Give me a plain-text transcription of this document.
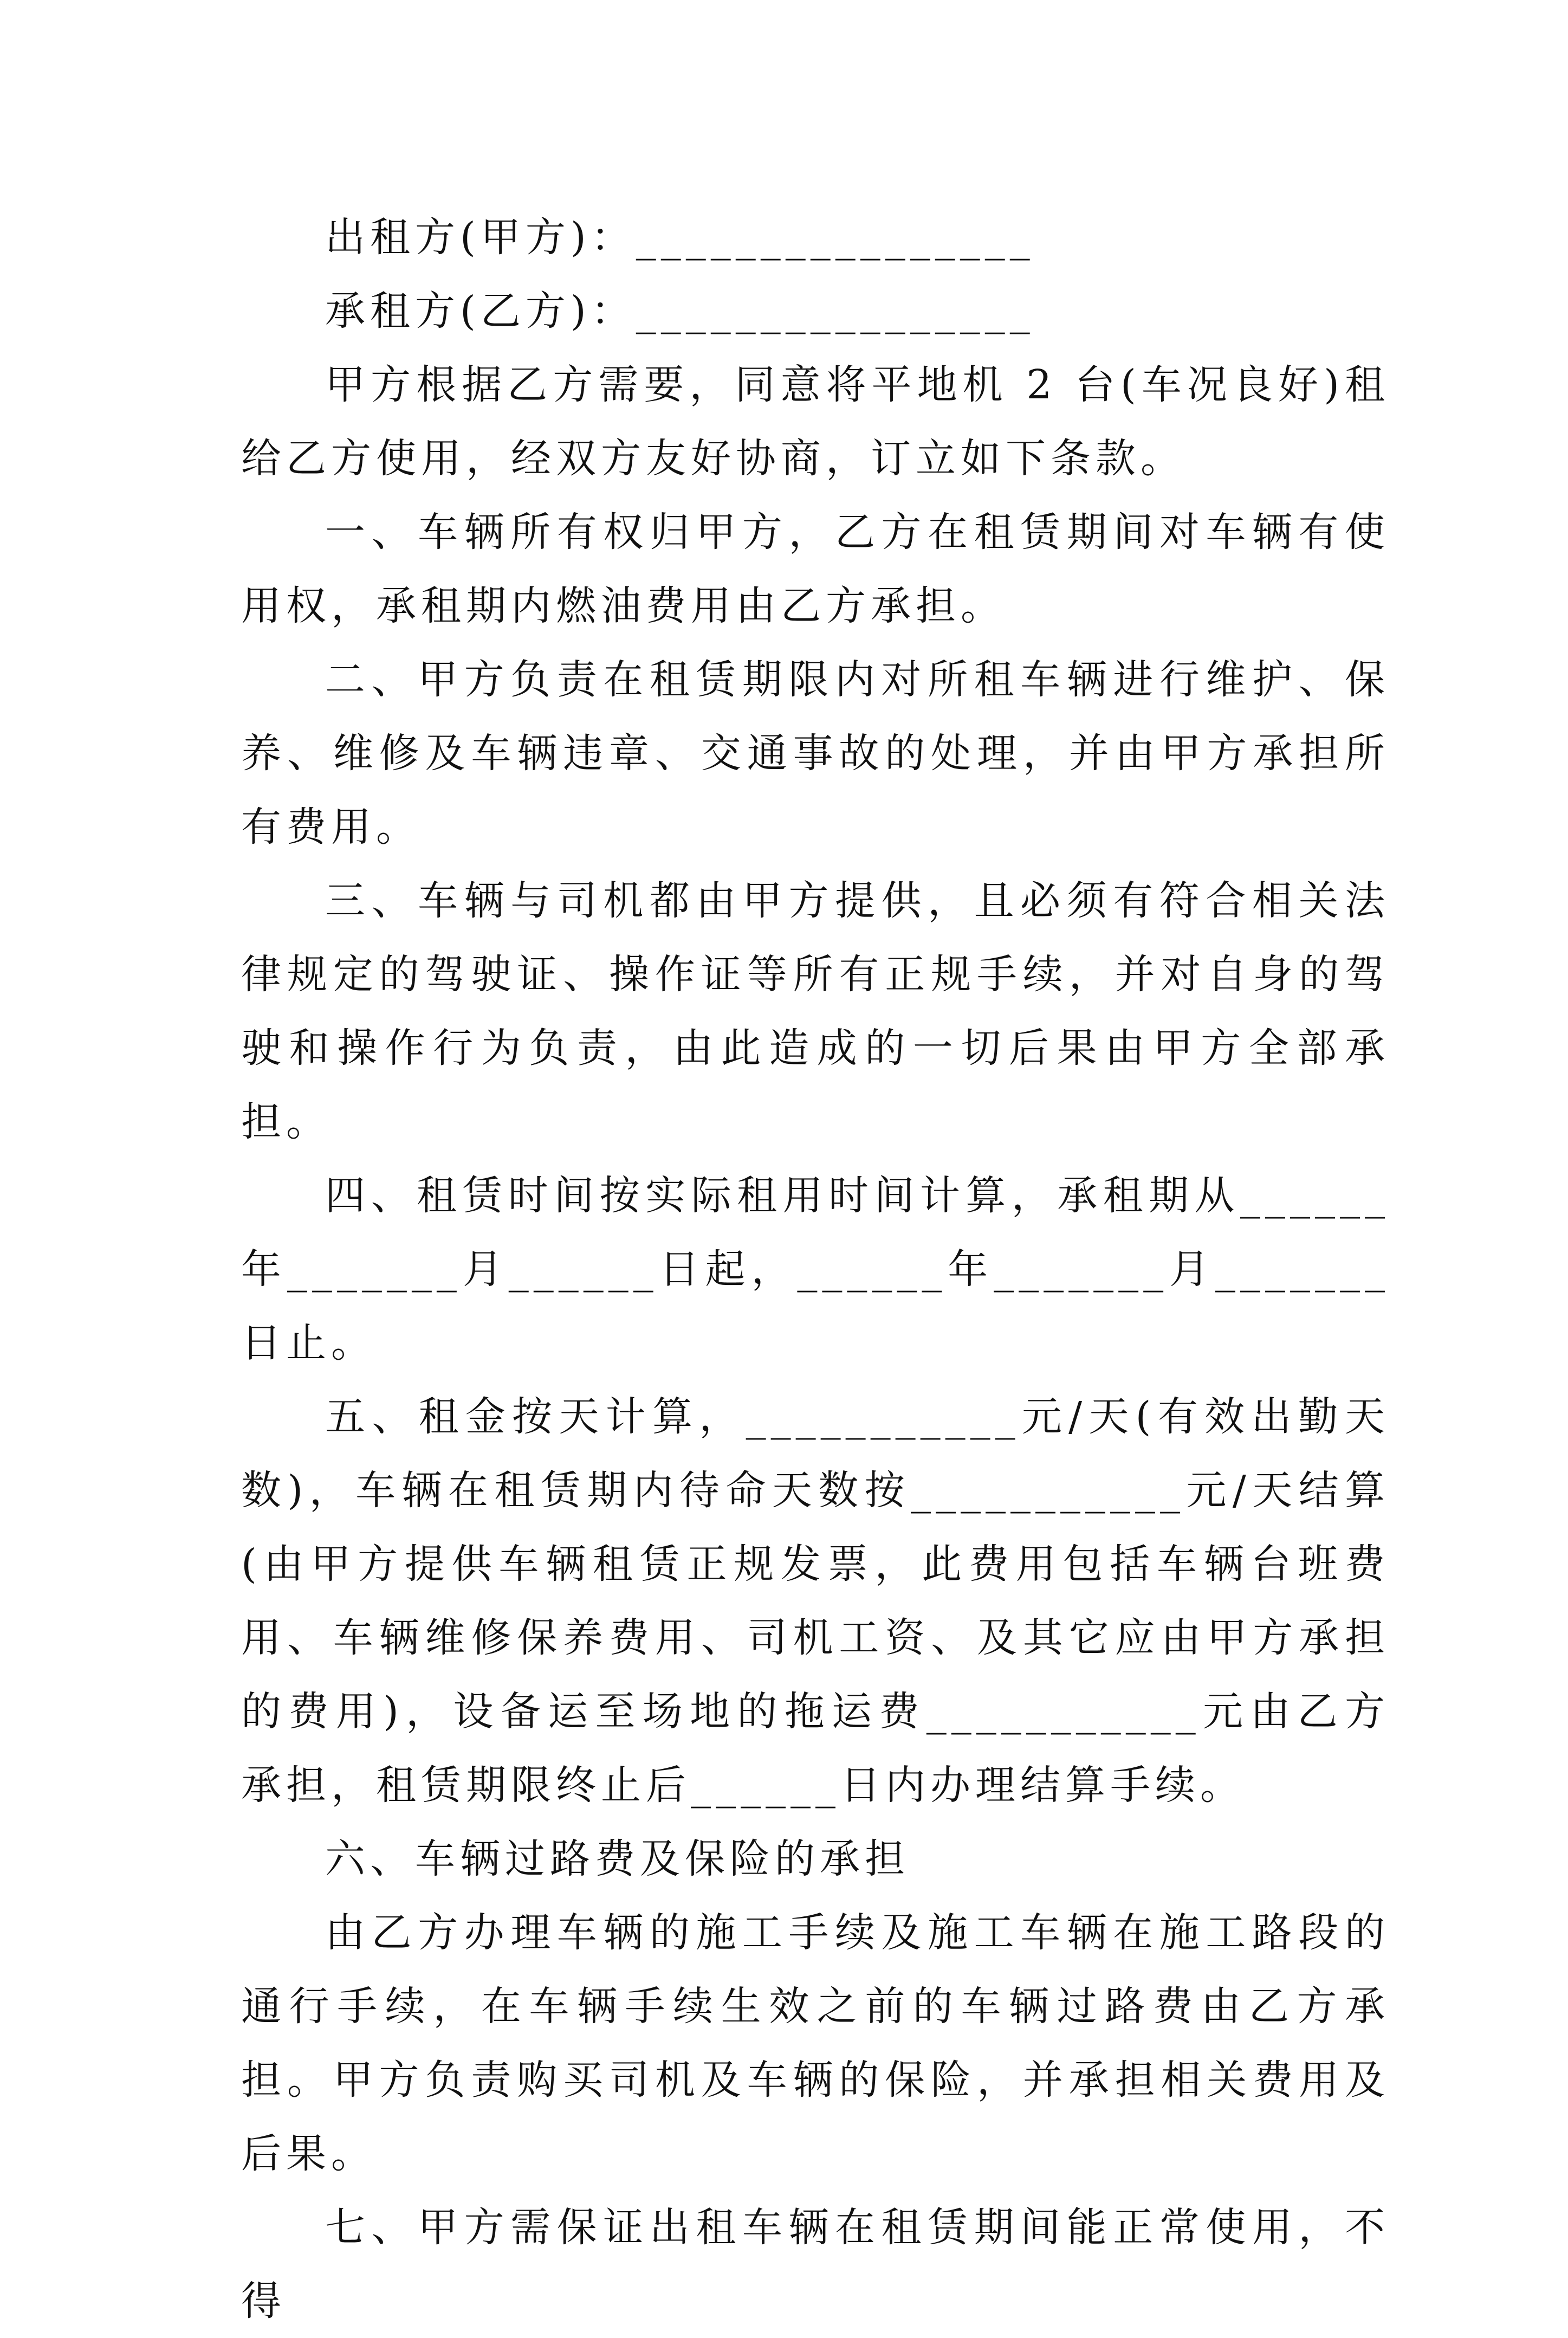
出租方(甲方)：________________

承租方(乙方)：________________

甲方根据乙方需要，同意将平地机 2 台(车况良好)租给乙方使用，经双方友好协商，订立如下条款。

一、车辆所有权归甲方，乙方在租赁期间对车辆有使用权，承租期内燃油费用由乙方承担。

二、甲方负责在租赁期限内对所租车辆进行维护、保养、维修及车辆违章、交通事故的处理，并由甲方承担所有费用。

三、车辆与司机都由甲方提供，且必须有符合相关法律规定的驾驶证、操作证等所有正规手续，并对自身的驾驶和操作行为负责，由此造成的一切后果由甲方全部承担。

四、租赁时间按实际租用时间计算，承租期从______年_______月______日起，______年_______月_______日止。

五、租金按天计算，___________元/天(有效出勤天数)，车辆在租赁期内待命天数按___________元/天结算(由甲方提供车辆租赁正规发票，此费用包括车辆台班费用、车辆维修保养费用、司机工资、及其它应由甲方承担的费用)，设备运至场地的拖运费___________元由乙方承担，租赁期限终止后______日内办理结算手续。

六、车辆过路费及保险的承担

由乙方办理车辆的施工手续及施工车辆在施工路段的通行手续，在车辆手续生效之前的车辆过路费由乙方承担。甲方负责购买司机及车辆的保险，并承担相关费用及后果。

七、甲方需保证出租车辆在租赁期间能正常使用，不得
